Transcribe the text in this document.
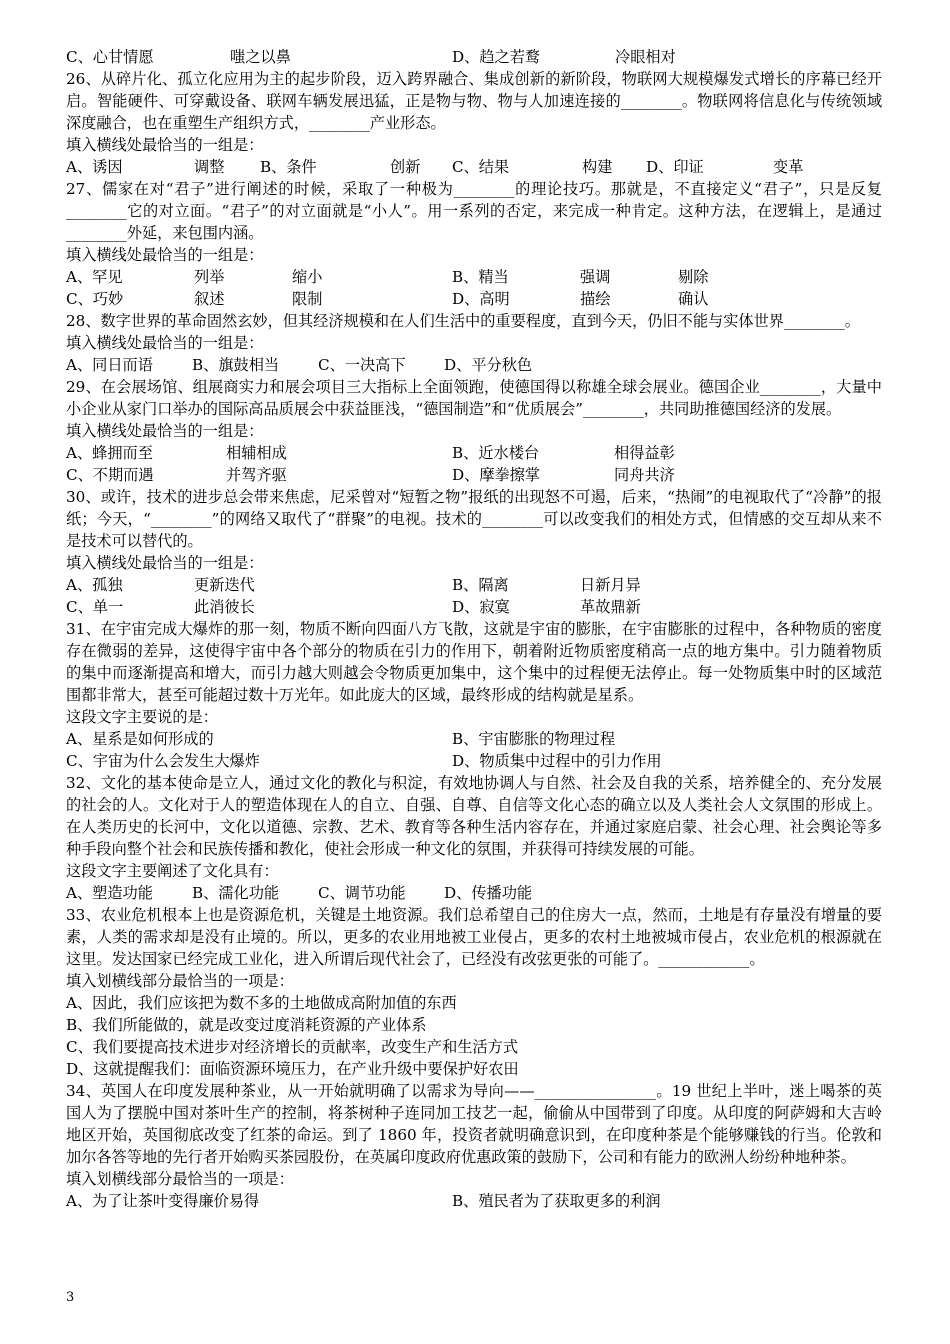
C、心甘情愿	嗤之以鼻	D、趋之若鹜	冷眼相对
26、从碎片化、孤立化应用为主的起步阶段，迈入跨界融合、集成创新的新阶段，物联网大规模爆发式增长的序幕已经开启。智能硬件、可穿戴设备、联网车辆发展迅猛，正是物与物、物与人加速连接的________。物联网将信息化与传统领域深度融合，也在重塑生产组织方式，________产业形态。
填入横线处最恰当的一组是：
A、诱因	调整 B、条件	创新 C、结果	构建 D、印证	变革
27、儒家在对“君子”进行阐述的时候，采取了一种极为________的理论技巧。那就是，不直接定义“君子”，只是反复________它的对立面。“君子”的对立面就是“小人”。用一系列的否定，来完成一种肯定。这种方法，在逻辑上，是通过________外延，来包围内涵。
填入横线处最恰当的一组是：
A、罕见	列举	缩小	B、精当	强调	剔除
C、巧妙	叙述	限制	D、高明	描绘	确认
28、数字世界的革命固然玄妙，但其经济规模和在人们生活中的重要程度，直到今天，仍旧不能与实体世界________。
填入横线处最恰当的一组是：
A、同日而语	B、旗鼓相当	C、一决高下	D、平分秋色
29、在会展场馆、组展商实力和展会项目三大指标上全面领跑，使德国得以称雄全球会展业。德国企业________，大量中小企业从家门口举办的国际高品质展会中获益匪浅，“德国制造”和“优质展会”________，共同助推德国经济的发展。
填入横线处最恰当的一组是：
A、蜂拥而至	相辅相成	B、近水楼台	相得益彰
C、不期而遇	并驾齐驱	D、摩拳擦掌	同舟共济
30、或许，技术的进步总会带来焦虑，尼采曾对“短暂之物”报纸的出现怒不可遏，后来，“热闹”的电视取代了“冷静”的报纸；今天，“________”的网络又取代了“群聚”的电视。技术的________可以改变我们的相处方式，但情感的交互却从来不是技术可以替代的。
填入横线处最恰当的一组是：
A、孤独	更新迭代	B、隔离	日新月异
C、单一	此消彼长	D、寂寞	革故鼎新
31、在宇宙完成大爆炸的那一刻，物质不断向四面八方飞散，这就是宇宙的膨胀，在宇宙膨胀的过程中，各种物质的密度存在微弱的差异，这使得宇宙中各个部分的物质在引力的作用下，朝着附近物质密度稍高一点的地方集中。引力随着物质的集中而逐渐提高和增大，而引力越大则越会令物质更加集中，这个集中的过程便无法停止。每一处物质集中时的区域范围都非常大，甚至可能超过数十万光年。如此庞大的区域，最终形成的结构就是星系。
这段文字主要说的是：
A、星系是如何形成的	B、宇宙膨胀的物理过程
C、宇宙为什么会发生大爆炸	D、物质集中过程中的引力作用
32、文化的基本使命是立人，通过文化的教化与积淀，有效地协调人与自然、社会及自我的关系，培养健全的、充分发展的社会的人。文化对于人的塑造体现在人的自立、自强、自尊、自信等文化心态的确立以及人类社会人文氛围的形成上。在人类历史的长河中，文化以道德、宗教、艺术、教育等各种生活内容存在，并通过家庭启蒙、社会心理、社会舆论等多种手段向整个社会和民族传播和教化，使社会形成一种文化的氛围，并获得可持续发展的可能。
这段文字主要阐述了文化具有：
A、塑造功能	B、濡化功能	C、调节功能	D、传播功能
33、农业危机根本上也是资源危机，关键是土地资源。我们总希望自己的住房大一点，然而，土地是有存量没有增量的要素，人类的需求却是没有止境的。所以，更多的农业用地被工业侵占，更多的农村土地被城市侵占，农业危机的根源就在这里。发达国家已经完成工业化，进入所谓后现代社会了，已经没有改弦更张的可能了。____________。
填入划横线部分最恰当的一项是：
A、因此，我们应该把为数不多的土地做成高附加值的东西
B、我们所能做的，就是改变过度消耗资源的产业体系
C、我们要提高技术进步对经济增长的贡献率，改变生产和生活方式
D、这就提醒我们：面临资源环境压力，在产业升级中要保护好农田
34、英国人在印度发展种茶业，从一开始就明确了以需求为导向——________________。19 世纪上半叶，迷上喝茶的英国人为了摆脱中国对茶叶生产的控制，将茶树种子连同加工技艺一起，偷偷从中国带到了印度。从印度的阿萨姆和大吉岭地区开始，英国彻底改变了红茶的命运。到了 1860 年，投资者就明确意识到，在印度种茶是个能够赚钱的行当。伦敦和加尔各答等地的先行者开始购买茶园股份，在英属印度政府优惠政策的鼓励下，公司和有能力的欧洲人纷纷种地种茶。
填入划横线部分最恰当的一项是：
A、为了让茶叶变得廉价易得	B、殖民者为了获取更多的利润
3
